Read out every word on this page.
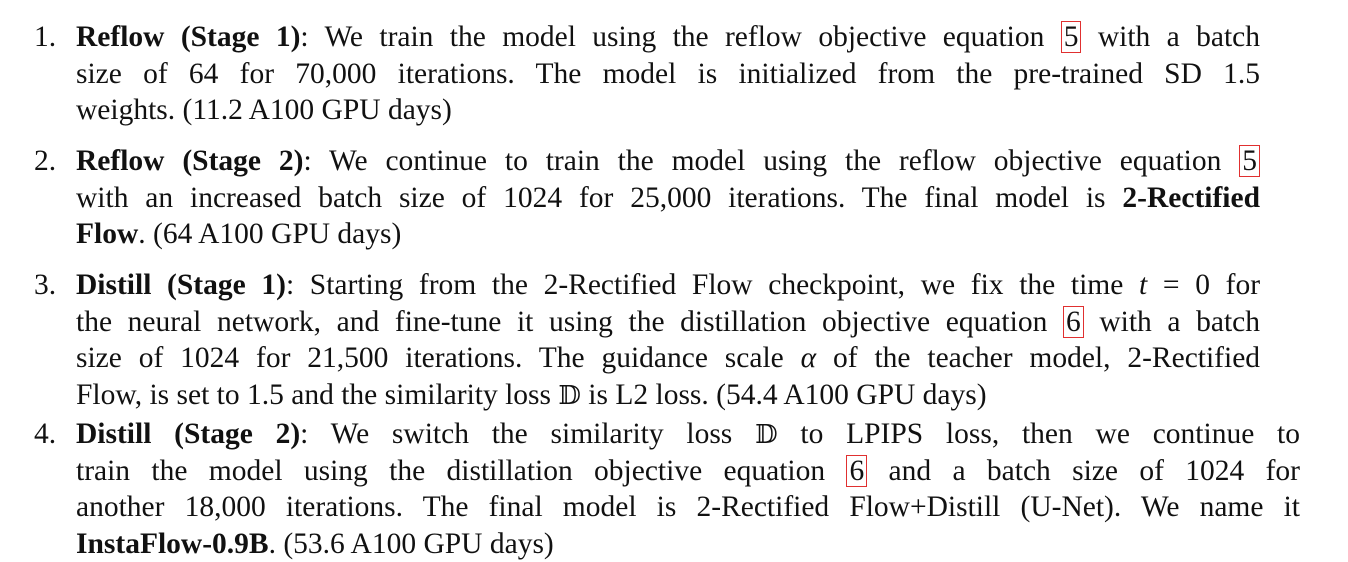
1. Reflow (Stage 1): We train the model using the reflow objective equation 5 with a batch
size of 64 for 70,000 iterations. The model is initialized from the pre-trained SD 1.5
weights. (11.2 A100 GPU days)
2. Reflow (Stage 2): We continue to train the model using the reflow objective equation 5
with an increased batch size of 1024 for 25,000 iterations. The final model is 2-Rectified
Flow. (64 A100 GPU days)
3. Distill (Stage 1): Starting from the 2-Rectified Flow checkpoint, we fix the time t = 0 for
the neural network, and fine-tune it using the distillation objective equation 6 with a batch
size of 1024 for 21,500 iterations. The guidance scale α of the teacher model, 2-Rectified
Flow, is set to 1.5 and the similarity loss 𝔻 is L2 loss. (54.4 A100 GPU days)
4. Distill (Stage 2): We switch the similarity loss 𝔻 to LPIPS loss, then we continue to
train the model using the distillation objective equation 6 and a batch size of 1024 for
another 18,000 iterations. The final model is 2-Rectified Flow+Distill (U-Net). We name it
InstaFlow-0.9B. (53.6 A100 GPU days)
